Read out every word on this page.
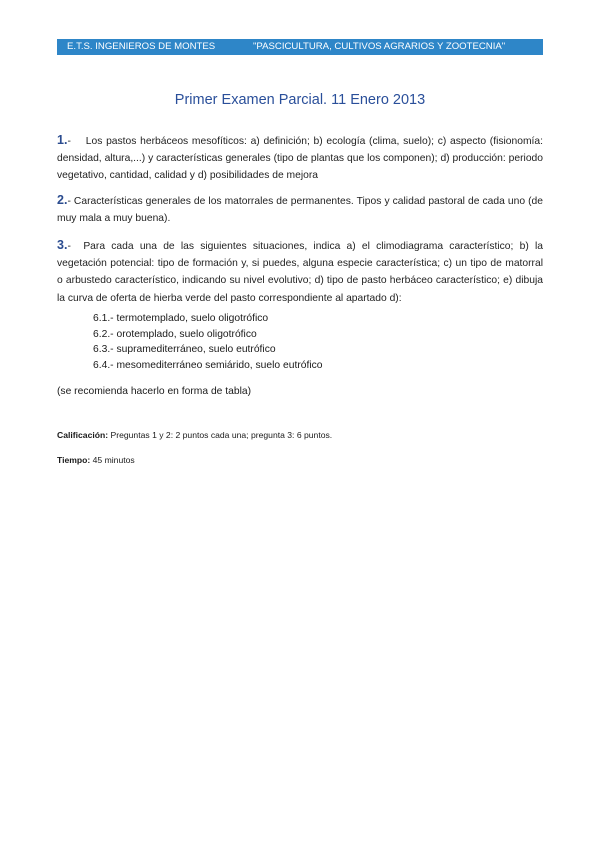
E.T.S. INGENIEROS DE MONTES	"PASCICULTURA, CULTIVOS AGRARIOS Y ZOOTECNIA"
Primer Examen Parcial. 11 Enero 2013
1.- Los pastos herbáceos mesofíticos: a) definición; b) ecología (clima, suelo); c) aspecto (fisionomía: densidad, altura,...) y características generales (tipo de plantas que los componen); d) producción: periodo vegetativo, cantidad, calidad y d) posibilidades de mejora
2.- Características generales de los matorrales de permanentes. Tipos y calidad pastoral de cada uno (de muy mala a muy buena).
3.- Para cada una de las siguientes situaciones, indica a) el climodiagrama característico; b) la vegetación potencial: tipo de formación y, si puedes, alguna especie característica; c) un tipo de matorral o arbustedo característico, indicando su nivel evolutivo; d) tipo de pasto herbáceo característico; e) dibuja la curva de oferta de hierba verde del pasto correspondiente al apartado d):
6.1.- termotemplado, suelo oligotrófico
6.2.- orotemplado, suelo oligotrófico
6.3.- supramediterráneo, suelo eutrófico
6.4.- mesomediterráneo semiárido, suelo eutrófico
(se recomienda hacerlo en forma de tabla)
Calificación: Preguntas 1 y 2: 2 puntos cada una; pregunta 3: 6 puntos.
Tiempo: 45 minutos
